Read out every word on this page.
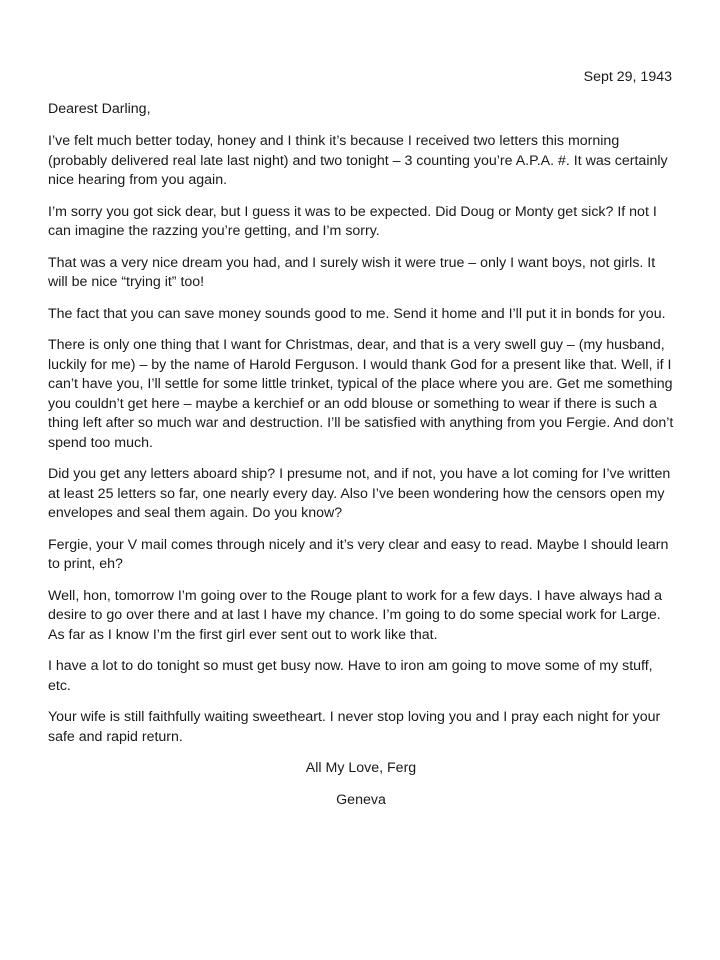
Sept 29, 1943
Dearest Darling,

I’ve felt much better today, honey and I think it’s because I received two letters this morning (probably delivered real late last night) and two tonight – 3 counting you’re A.P.A. #. It was certainly nice hearing from you again.

I’m sorry you got sick dear, but I guess it was to be expected. Did Doug or Monty get sick? If not I can imagine the razzing you’re getting, and I’m sorry.

That was a very nice dream you had, and I surely wish it were true – only I want boys, not girls. It will be nice “trying it” too!

The fact that you can save money sounds good to me. Send it home and I’ll put it in bonds for you.

There is only one thing that I want for Christmas, dear, and that is a very swell guy – (my husband, luckily for me) – by the name of Harold Ferguson. I would thank God for a present like that. Well, if I can’t have you, I’ll settle for some little trinket, typical of the place where you are. Get me something you couldn’t get here – maybe a kerchief or an odd blouse or something to wear if there is such a thing left after so much war and destruction. I’ll be satisfied with anything from you Fergie. And don’t spend too much.

Did you get any letters aboard ship? I presume not, and if not, you have a lot coming for I’ve written at least 25 letters so far, one nearly every day. Also I’ve been wondering how the censors open my envelopes and seal them again. Do you know?

Fergie, your V mail comes through nicely and it’s very clear and easy to read. Maybe I should learn to print, eh?

Well, hon, tomorrow I’m going over to the Rouge plant to work for a few days. I have always had a desire to go over there and at last I have my chance. I’m going to do some special work for Large. As far as I know I’m the first girl ever sent out to work like that.

I have a lot to do tonight so must get busy now. Have to iron am going to move some of my stuff, etc.

Your wife is still faithfully waiting sweetheart. I never stop loving you and I pray each night for your safe and rapid return.

All My Love, Ferg
Geneva
